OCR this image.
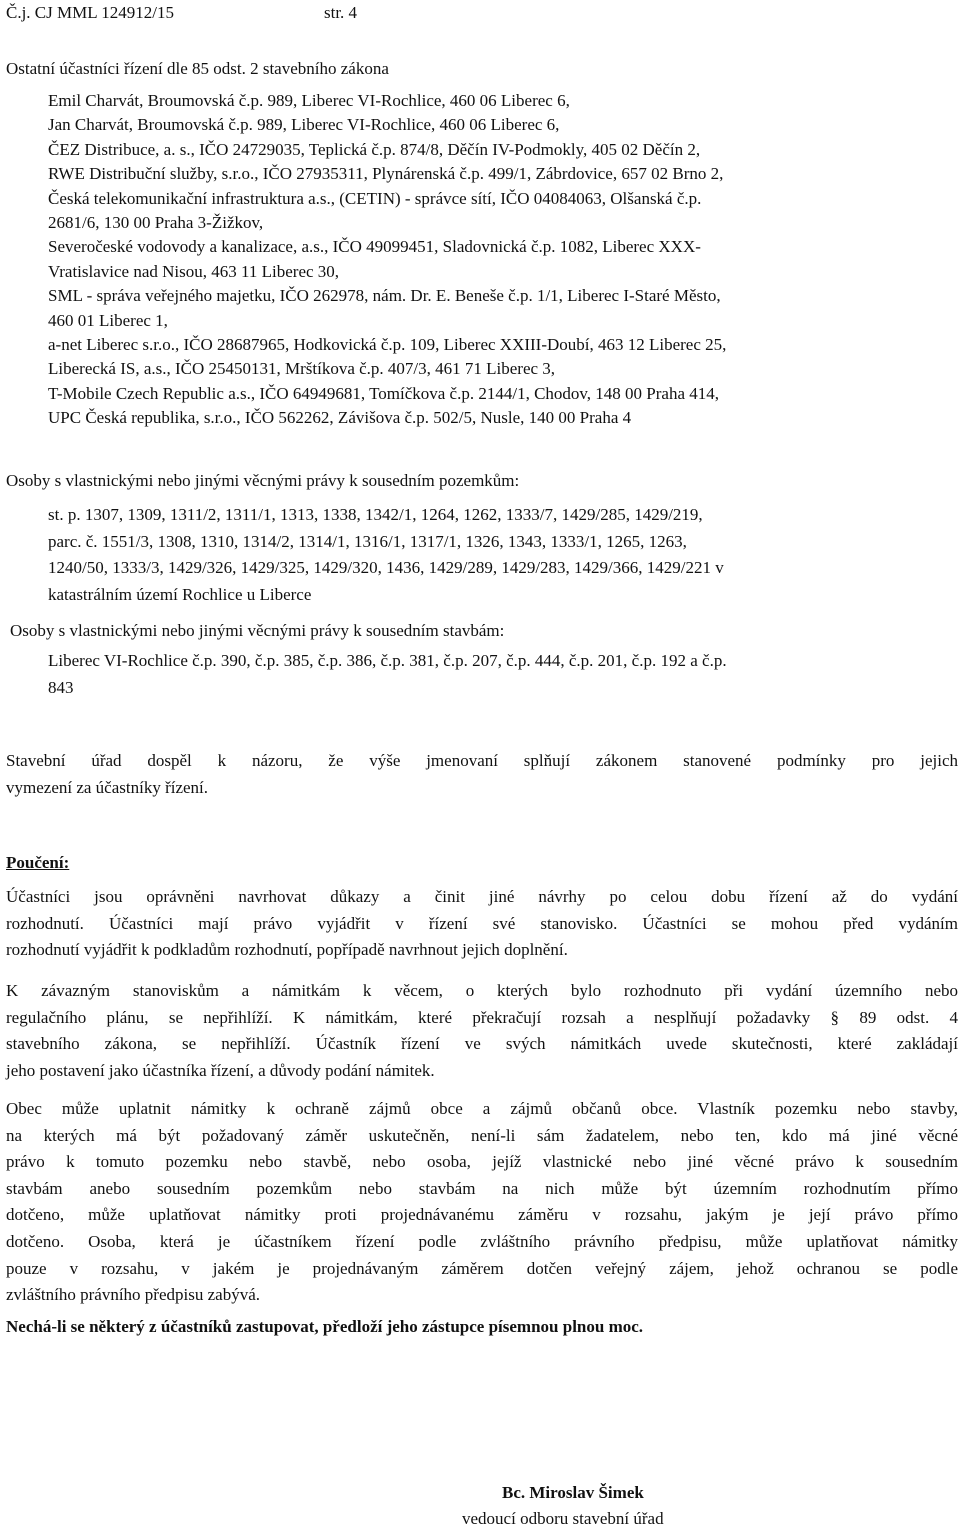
Č.j. CJ MML 124912/15	str. 4
Ostatní účastníci řízení dle 85 odst. 2 stavebního zákona
Emil Charvát, Broumovská č.p. 989, Liberec VI-Rochlice, 460 06 Liberec 6,
Jan Charvát, Broumovská č.p. 989, Liberec VI-Rochlice, 460 06 Liberec 6,
ČEZ Distribuce, a. s., IČO 24729035, Teplická č.p. 874/8, Děčín IV-Podmokly, 405 02 Děčín 2,
RWE Distribuční služby, s.r.o., IČO 27935311, Plynárenská č.p. 499/1, Zábrdovice, 657 02 Brno 2,
Česká telekomunikační infrastruktura a.s., (CETIN) - správce sítí, IČO 04084063, Olšanská č.p.
2681/6, 130 00 Praha 3-Žižkov,
Severočeské vodovody a kanalizace, a.s., IČO 49099451, Sladovnická č.p. 1082, Liberec XXX-
Vratislavice nad Nisou, 463 11 Liberec 30,
SML - správa veřejného majetku, IČO 262978, nám. Dr. E. Beneše č.p. 1/1, Liberec I-Staré Město,
460 01 Liberec 1,
a-net Liberec s.r.o., IČO 28687965, Hodkovická č.p. 109, Liberec XXIII-Doubí, 463 12 Liberec 25,
Liberecká IS, a.s., IČO 25450131, Mrštíkova č.p. 407/3, 461 71 Liberec 3,
T-Mobile Czech Republic a.s., IČO 64949681, Tomíčkova č.p. 2144/1, Chodov, 148 00 Praha 414,
UPC Česká republika, s.r.o., IČO 562262, Závišova č.p. 502/5, Nusle, 140 00 Praha 4
Osoby s vlastnickými nebo jinými věcnými právy k sousedním pozemkům:
st. p. 1307, 1309, 1311/2, 1311/1, 1313, 1338, 1342/1, 1264, 1262, 1333/7, 1429/285, 1429/219,
parc. č. 1551/3, 1308, 1310, 1314/2, 1314/1, 1316/1, 1317/1, 1326, 1343, 1333/1, 1265, 1263,
1240/50, 1333/3, 1429/326, 1429/325, 1429/320, 1436, 1429/289, 1429/283, 1429/366, 1429/221 v
katastrálním území Rochlice u Liberce
Osoby s vlastnickými nebo jinými věcnými právy k sousedním stavbám:
Liberec VI-Rochlice č.p. 390, č.p. 385, č.p. 386, č.p. 381, č.p. 207, č.p. 444, č.p. 201, č.p. 192 a č.p.
843
Stavební úřad dospěl k názoru, že výše jmenovaní splňují zákonem stanovené podmínky pro jejich
vymezení za účastníky řízení.
Poučení:
Účastníci jsou oprávněni navrhovat důkazy a činit jiné návrhy po celou dobu řízení až do vydání
rozhodnutí. Účastníci mají právo vyjádřit v řízení své stanovisko. Účastníci se mohou před vydáním
rozhodnutí vyjádřit k podkladům rozhodnutí, popřípadě navrhnout jejich doplnění.
K závazným stanoviskům a námitkám k věcem, o kterých bylo rozhodnuto při vydání územního nebo
regulačního plánu, se nepřihlíží. K námitkám, které překračují rozsah a nesplňují požadavky § 89 odst. 4
stavebního zákona, se nepřihlíží. Účastník řízení ve svých námitkách uvede skutečnosti, které zakládají
jeho postavení jako účastníka řízení, a důvody podání námitek.
Obec může uplatnit námitky k ochraně zájmů obce a zájmů občanů obce. Vlastník pozemku nebo stavby,
na kterých má být požadovaný záměr uskutečněn, není-li sám žadatelem, nebo ten, kdo má jiné věcné
právo k tomuto pozemku nebo stavbě, nebo osoba, jejíž vlastnické nebo jiné věcné právo k sousedním
stavbám anebo sousedním pozemkům nebo stavbám na nich může být územním rozhodnutím přímo
dotčeno, může uplatňovat námitky proti projednávanému záměru v rozsahu, jakým je její právo přímo
dotčeno. Osoba, která je účastníkem řízení podle zvláštního právního předpisu, může uplatňovat námitky
pouze v rozsahu, v jakém je projednávaným záměrem dotčen veřejný zájem, jehož ochranou se podle
zvláštního právního předpisu zabývá.
Nechá-li se některý z účastníků zastupovat, předloží jeho zástupce písemnou plnou moc.
Bc. Miroslav Šimek
vedoucí odboru stavební úřad
